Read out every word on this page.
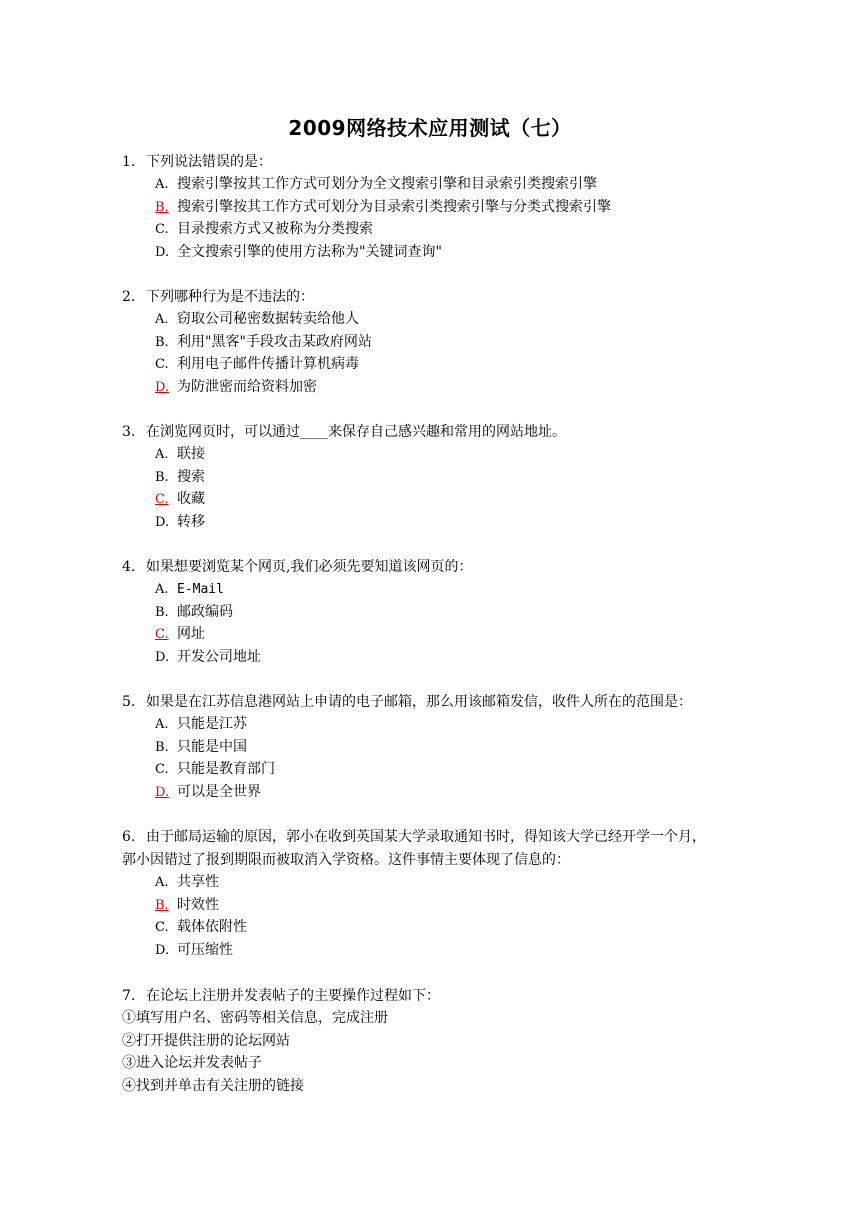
2009网络技术应用测试（七）
1. 下列说法错误的是：
A. 搜索引擎按其工作方式可划分为全文搜索引擎和目录索引类搜索引擎
B. 搜索引擎按其工作方式可划分为目录索引类搜索引擎与分类式搜索引擎
C. 目录搜索方式又被称为分类搜索
D. 全文搜索引擎的使用方法称为"关键词查询"
2. 下列哪种行为是不违法的：
A. 窃取公司秘密数据转卖给他人
B. 利用"黑客"手段攻击某政府网站
C. 利用电子邮件传播计算机病毒
D. 为防泄密而给资料加密
3. 在浏览网页时，可以通过____来保存自己感兴趣和常用的网站地址。
A. 联接
B. 搜索
C. 收藏
D. 转移
4. 如果想要浏览某个网页,我们必须先要知道该网页的：
A. E-Mail
B. 邮政编码
C. 网址
D. 开发公司地址
5. 如果是在江苏信息港网站上申请的电子邮箱，那么用该邮箱发信，收件人所在的范围是：
A. 只能是江苏
B. 只能是中国
C. 只能是教育部门
D. 可以是全世界
6. 由于邮局运输的原因，郭小在收到英国某大学录取通知书时，得知该大学已经开学一个月，
郭小因错过了报到期限而被取消入学资格。这件事情主要体现了信息的：
A. 共享性
B. 时效性
C. 载体依附性
D. 可压缩性
7. 在论坛上注册并发表帖子的主要操作过程如下：
①填写用户名、密码等相关信息，完成注册
②打开提供注册的论坛网站
③进入论坛并发表帖子
④找到并单击有关注册的链接
